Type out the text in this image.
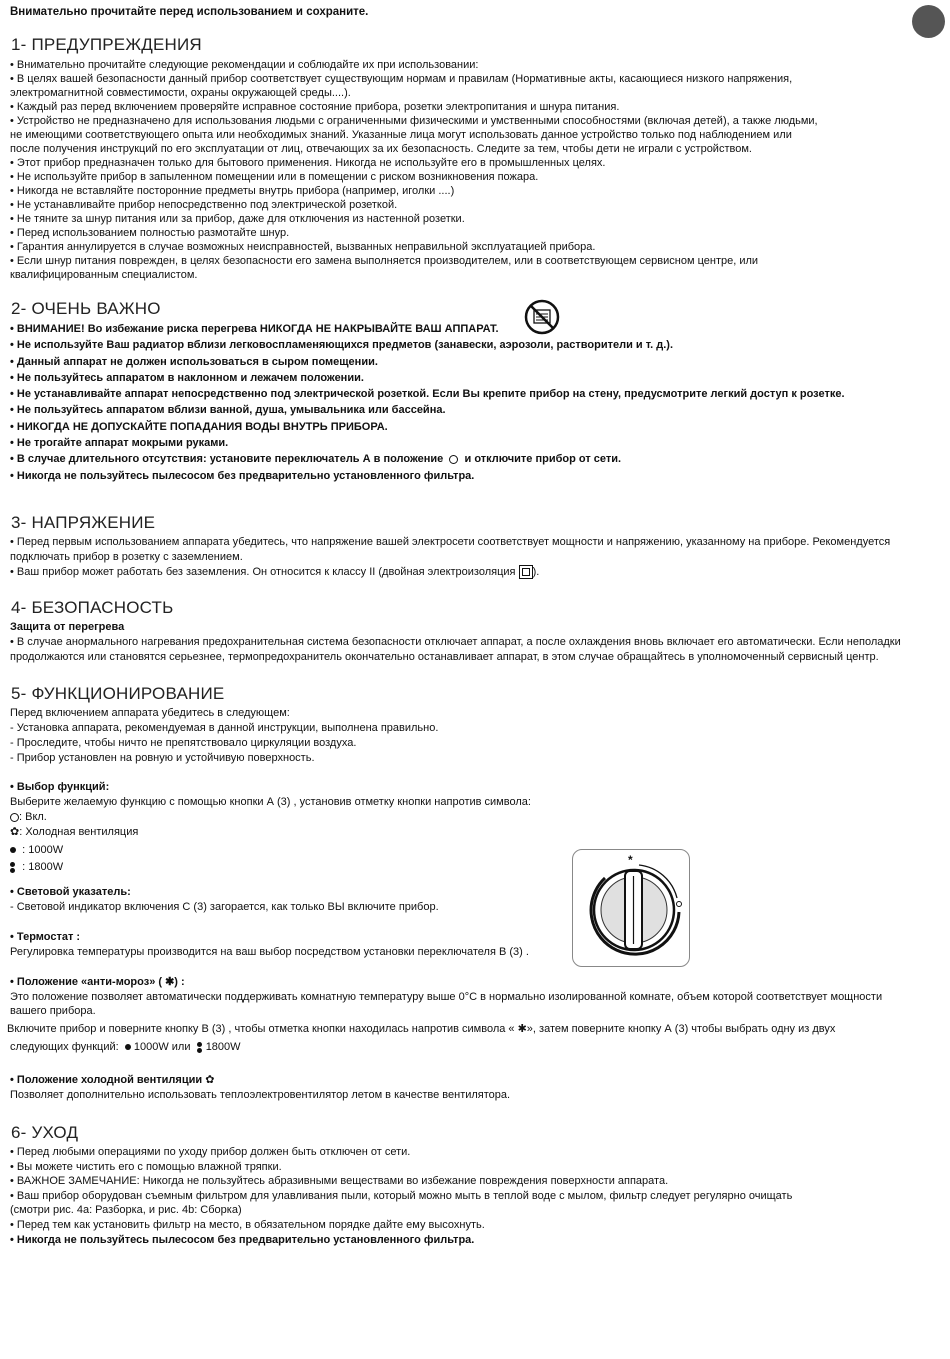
Внимательно прочитайте перед использованием и сохраните.
1- ПРЕДУПРЕЖДЕНИЯ
• Внимательно прочитайте следующие рекомендации и соблюдайте их при использовании:
• В целях вашей безопасности данный прибор соответствует существующим нормам и правилам (Нормативные акты, касающиеся низкого напряжения,
электромагнитной совместимости, охраны окружающей среды....).
• Каждый раз перед включением проверяйте исправное состояние прибора, розетки электропитания и шнура питания.
• Устройство не предназначено для использования людьми с ограниченными физическими и умственными способностями (включая детей), а также людьми,
не имеющими соответствующего опыта или необходимых знаний. Указанные лица могут использовать данное устройство только под наблюдением или
после получения инструкций по его эксплуатации от лиц, отвечающих за их безопасность. Следите за тем, чтобы дети не играли с устройством.
• Этот прибор предназначен только для бытового применения. Никогда не используйте его в промышленных целях.
• Не используйте прибор в запыленном помещении или в помещении с риском возникновения пожара.
• Никогда не вставляйте посторонние предметы внутрь прибора (например, иголки ....)
• Не устанавливайте прибор непосредственно под электрической розеткой.
• Не тяните за шнур питания или за прибор, даже для отключения из настенной розетки.
• Перед использованием полностью размотайте шнур.
• Гарантия аннулируется в случае возможных неисправностей, вызванных неправильной эксплуатацией прибора.
• Если шнур питания поврежден, в целях безопасности его замена выполняется производителем, или в соответствующем сервисном центре, или
квалифицированным специалистом.
2- ОЧЕНЬ ВАЖНО
• ВНИМАНИЕ! Во избежание риска перегрева НИКОГДА НЕ НАКРЫВАЙТЕ ВАШ АППАРАТ.
• Не используйте Ваш радиатор вблизи легковоспламеняющихся предметов (занавески, аэрозоли, растворители и т. д.).
• Данный аппарат не должен использоваться в сыром помещении.
• Не пользуйтесь аппаратом в наклонном и лежачем положении.
• Не устанавливайте аппарат непосредственно под электрической розеткой. Если Вы крепите прибор на стену, предусмотрите легкий доступ к розетке.
• Не пользуйтесь аппаратом вблизи ванной, душа, умывальника или бассейна.
• НИКОГДА НЕ ДОПУСКАЙТЕ ПОПАДАНИЯ ВОДЫ ВНУТРЬ ПРИБОРА.
• Не трогайте аппарат мокрыми руками.
• В случае длительного отсутствия: установите переключатель А в положение и отключите прибор от сети.
• Никогда не пользуйтесь пылесосом без предварительно установленного фильтра.
3- НАПРЯЖЕНИЕ
• Перед первым использованием аппарата убедитесь, что напряжение вашей электросети соответствует мощности и напряжению, указанному на приборе. Рекомендуется
подключать прибор в розетку с заземлением.
• Ваш прибор может работать без заземления. Он относится к классу II (двойная электроизоляция ).
4- БЕЗОПАСНОСТЬ
Защита от перегрева
• В случае анормального нагревания предохранительная система безопасности отключает аппарат, а после охлаждения вновь включает его автоматически. Если неполадки
продолжаются или становятся серьезнее, термопредохранитель окончательно останавливает аппарат, в этом случае обращайтесь в уполномоченный сервисный центр.
5- ФУНКЦИОНИРОВАНИЕ
Перед включением аппарата убедитесь в следующем:
- Установка аппарата, рекомендуемая в данной инструкции, выполнена правильно.
- Проследите, чтобы ничто не препятствовало циркуляции воздуха.
- Прибор установлен на ровную и устойчивую поверхность.
• Выбор функций:
Выберите желаемую функцию с помощью кнопки А (3) , установив отметку кнопки напротив символа:
: Вкл.
✿: Холодная вентиляция
: 1000W
: 1800W	*
• Световой указатель:
- Световой индикатор включения С (3) загорается, как только ВЫ включите прибор.
• Термостат :
Регулировка температуры производится на ваш выбор посредством установки переключателя В (3) .
• Положение «анти-мороз» ( ✱) :
Это положение позволяет автоматически поддерживать комнатную температуру выше 0°C в нормально изолированной комнате, объем которой соответствует мощности
вашего прибора.
Включите прибор и поверните кнопку В (3) , чтобы отметка кнопки находилась напротив символа « ✱», затем поверните кнопку А (3) чтобы выбрать одну из двух
следующих функций: 1000W или 1800W
• Положение холодной вентиляции ✿
Позволяет дополнительно использовать теплоэлектровентилятор летом в качестве вентилятора.
6- УХОД
• Перед любыми операциями по уходу прибор должен быть отключен от сети.
• Вы можете чистить его с помощью влажной тряпки.
• ВАЖНОЕ ЗАМЕЧАНИЕ: Никогда не пользуйтесь абразивными веществами во избежание повреждения поверхности аппарата.
• Ваш прибор оборудован съемным фильтром для улавливания пыли, который можно мыть в теплой воде с мылом, фильтр следует регулярно очищать
(смотри рис. 4а: Разборка, и рис. 4b: Сборка)
• Перед тем как установить фильтр на место, в обязательном порядке дайте ему высохнуть.
• Никогда не пользуйтесь пылесосом без предварительно установленного фильтра.
